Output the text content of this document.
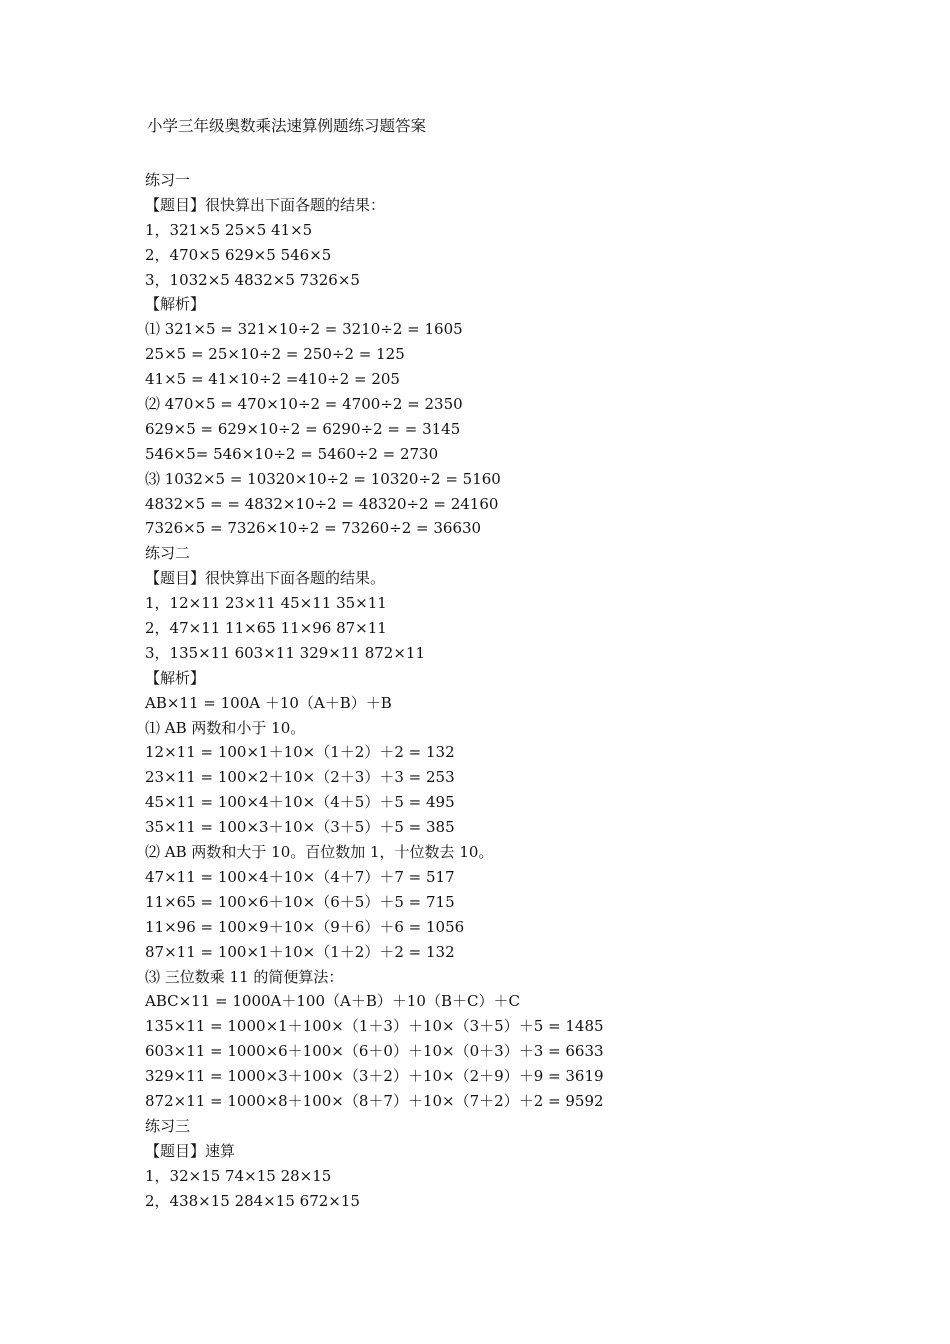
小学三年级奥数乘法速算例题练习题答案
练习一
【题目】很快算出下面各题的结果：
1，321×5 25×5 41×5
2，470×5 629×5 546×5
3，1032×5 4832×5 7326×5
【解析】
⑴ 321×5 = 321×10÷2 = 3210÷2 = 1605
25×5 = 25×10÷2 = 250÷2 = 125
41×5 = 41×10÷2 =410÷2 = 205
⑵ 470×5 = 470×10÷2 = 4700÷2 = 2350
629×5 = 629×10÷2 = 6290÷2 = = 3145
546×5= 546×10÷2 = 5460÷2 = 2730
⑶ 1032×5 = 10320×10÷2 = 10320÷2 = 5160
4832×5 = = 4832×10÷2 = 48320÷2 = 24160
7326×5 = 7326×10÷2 = 73260÷2 = 36630
练习二
【题目】很快算出下面各题的结果。
1，12×11 23×11 45×11 35×11
2，47×11 11×65 11×96 87×11
3，135×11 603×11 329×11 872×11
【解析】
AB×11 = 100A ＋10（A＋B）＋B
⑴ AB 两数和小于 10。
12×11 = 100×1＋10×（1＋2）＋2 = 132
23×11 = 100×2＋10×（2＋3）＋3 = 253
45×11 = 100×4＋10×（4＋5）＋5 = 495
35×11 = 100×3＋10×（3＋5）＋5 = 385
⑵ AB 两数和大于 10。百位数加 1，十位数去 10。
47×11 = 100×4＋10×（4＋7）＋7 = 517
11×65 = 100×6＋10×（6＋5）＋5 = 715
11×96 = 100×9＋10×（9＋6）＋6 = 1056
87×11 = 100×1＋10×（1＋2）＋2 = 132
⑶ 三位数乘 11 的简便算法：
ABC×11 = 1000A＋100（A＋B）＋10（B＋C）＋C
135×11 = 1000×1＋100×（1＋3）＋10×（3＋5）＋5 = 1485
603×11 = 1000×6＋100×（6＋0）＋10×（0＋3）＋3 = 6633
329×11 = 1000×3＋100×（3＋2）＋10×（2＋9）＋9 = 3619
872×11 = 1000×8＋100×（8＋7）＋10×（7＋2）＋2 = 9592
练习三
【题目】速算
1，32×15 74×15 28×15
2，438×15 284×15 672×15
